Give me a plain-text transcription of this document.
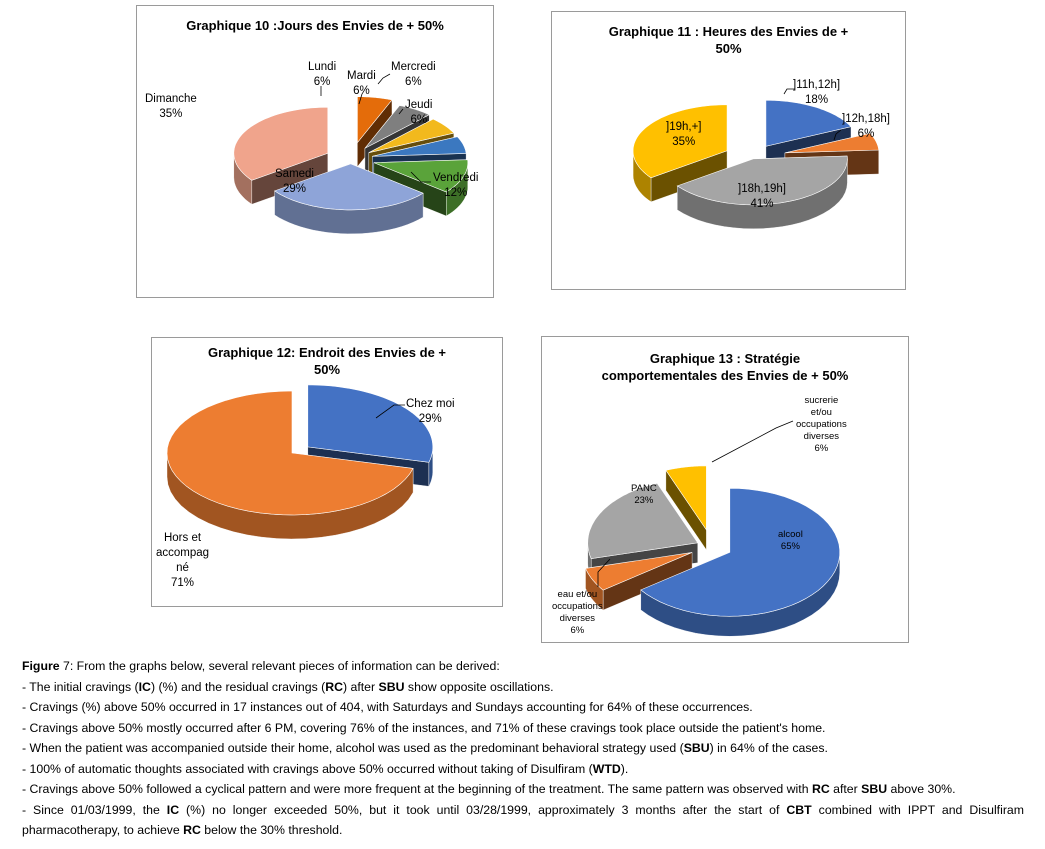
Graphique 10 :Jours des Envies de + 50%
Lundi
6%	Mardi
6%
Mercredi
6%
Jeudi
6%
Vendredi
12%
Samedi
29%
Dimanche
35%
Graphique 11 : Heures des Envies de +
50%
]11h,12h]
18%
]12h,18h]
6%
]18h,19h]
41%
]19h,+]
35%
Graphique 12: Endroit des Envies de +
50%
Chez moi
29%
Hors et
accompag
né
71%
Graphique 13 : Stratégie
comportementales des Envies de + 50%
alcool
65%
PANC
23%
eau et/ou
occupations
diverses
6%
sucrerie
et/ou
occupations
diverses
6%

Figure 7: From the graphs below, several relevant pieces of information can be derived:

- The initial cravings (IC) (%) and the residual cravings (RC) after SBU show opposite oscillations.

- Cravings (%) above 50% occurred in 17 instances out of 404, with Saturdays and Sundays accounting for 64% of these occurrences.

- Cravings above 50% mostly occurred after 6 PM, covering 76% of the instances, and 71% of these cravings took place outside the patient's home.

- When the patient was accompanied outside their home, alcohol was used as the predominant behavioral strategy used (SBU) in 64% of the cases.

- 100% of automatic thoughts associated with cravings above 50% occurred without taking of Disulfiram (WTD).

- Cravings above 50% followed a cyclical pattern and were more frequent at the beginning of the treatment. The same pattern was observed with RC after SBU above 30%.

- Since 01/03/1999, the IC (%) no longer exceeded 50%, but it took until 03/28/1999, approximately 3 months after the start of CBT combined with IPPT and Disulfiram pharmacotherapy, to achieve RC below the 30% threshold.
